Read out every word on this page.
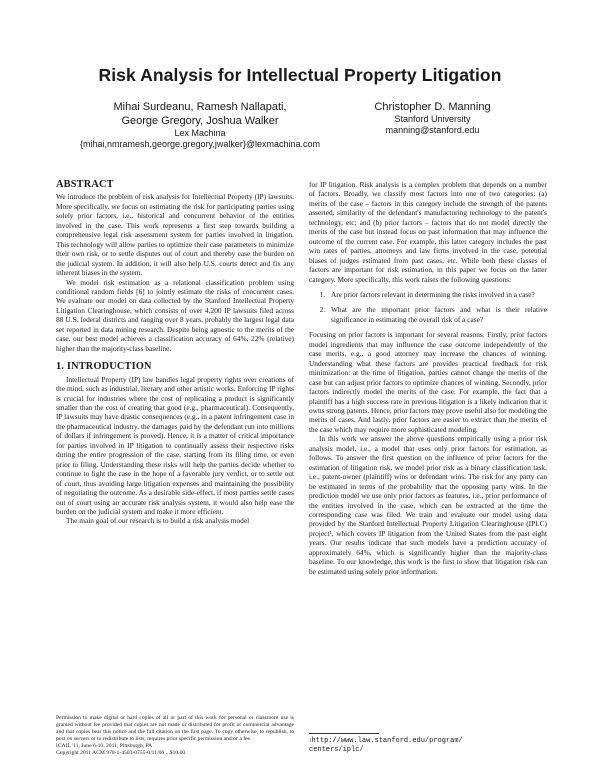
Risk Analysis for Intellectual Property Litigation
Mihai Surdeanu, Ramesh Nallapati,
George Gregory, Joshua Walker
Lex Machina
{mihai,nmramesh,george.gregory,jwalker}@lexmachina.com
Christopher D. Manning
Stanford University
manning@stanford.edu
ABSTRACT

We introduce the problem of risk analysis for Intellectual Property (IP) lawsuits. More specifically, we focus on estimating the risk for participating parties using solely prior factors, i.e., historical and concurrent behavior of the entities involved in the case. This work represents a first step towards building a comprehensive legal risk assessment system for parties involved in litigation. This technology will allow parties to optimize their case parameters to minimize their own risk, or to settle disputes out of court and thereby ease the burden on the judicial system. In addition, it will also help U.S. courts detect and fix any inherent biases in the system.

We model risk estimation as a relational classification problem using conditional random fields [6] to jointly estimate the risks of concurrent cases. We evaluate our model on data collected by the Stanford Intellectual Property Litigation Clearinghouse, which consists of over 4,200 IP lawsuits filed across 88 U.S. federal districts and ranging over 8 years, probably the largest legal data set reported in data mining research. Despite being agnostic to the merits of the case, our best model achieves a classification accuracy of 64%, 22% (relative) higher than the majority-class baseline.

1. INTRODUCTION

Intellectual Property (IP) law handles legal property rights over creations of the mind, such as industrial, literary and other artistic works. Enforcing IP rights is crucial for industries where the cost of replicating a product is significantly smaller than the cost of creating that good (e.g., pharmaceutical). Consequently, IP lawsuits may have drastic consequences (e.g., in a patent infringement case in the pharmaceutical industry, the damages paid by the defendant run into millions of dollars if infringement is proved). Hence, it is a matter of critical importance for parties involved in IP litigation to continually assess their respective risks during the entire progression of the case, starting from its filing time, or even prior to filing. Understanding these risks will help the parties decide whether to continue to fight the case in the hope of a favorable jury verdict, or to settle out of court, thus avoiding large litigation expenses and maintaining the possibility of negotiating the outcome. As a desirable side-effect, if most parties settle cases out of court using an accurate risk analysis system, it would also help ease the burden on the judicial system and make it more efficient.

The main goal of our research is to build a risk analysis model

Permission to make digital or hard copies of all or part of this work for personal or classroom use is granted without fee provided that copies are not made or distributed for profit or commercial advantage and that copies bear this notice and the full citation on the first page. To copy otherwise, to republish, to post on servers or to redistribute to lists, requires prior specific permission and/or a fee.
ICAIL '11, June 6-10, 2011, Pittsburgh, PA
Copyright 2011 ACM 978-1-4503-0755-0/11/06 ...$10.00.

for IP litigation. Risk analysis is a complex problem that depends on a number of factors. Broadly, we classify most factors into one of two categories: (a) merits of the case – factors in this category include the strength of the patents asserted, similarity of the defendant's manufacturing technology to the patent's technology, etc; and (b) prior factors – factors that do not model directly the merits of the case but instead focus on past information that may influence the outcome of the current case. For example, this latter category includes the past win rates of parties, attorneys and law firms involved in the case, potential biases of judges estimated from past cases, etc. While both these classes of factors are important for risk estimation, in this paper we focus on the latter category. More specifically, this work raises the following questions:

1. Are prior factors relevant in determining the risks involved in a case?
2. What are the important prior factors and what is their relative significance in estimating the overall risk of a case?

Focusing on prior factors is important for several reasons. Firstly, prior factors model ingredients that may influence the case outcome independently of the case merits, e.g., a good attorney may increase the chances of winning. Understanding what these factors are provides practical feedback for risk minimization: at the time of litigation, parties cannot change the merits of the case but can adjust prior factors to optimize chances of winning. Secondly, prior factors indirectly model the merits of the case. For example, the fact that a plaintiff has a high success rate in previous litigation is a likely indication that it owns strong patents. Hence, prior factors may prove useful also for modeling the merits of cases. And lastly, prior factors are easier to extract than the merits of the case which may require more sophisticated modeling.

In this work we answer the above questions empirically using a prior risk analysis model, i.e., a model that uses only prior factors for estimation, as follows. To answer the first question on the influence of prior factors for the estimation of litigation risk, we model prior risk as a binary classification task, i.e., patent-owner (plaintiff) wins or defendant wins. The risk for any party can be estimated in terms of the probability that the opposing party wins. In the prediction model we use only prior factors as features, i.e., prior performance of the entities involved in the case, which can be extracted at the time the corresponding case was filed. We train and evaluate our model using data provided by the Stanford Intellectual Property Litigation Clearinghouse (IPLC) project¹, which covers IP litigation from the United States from the past eight years. Our results indicate that such models have a prediction accuracy of approximately 64%, which is significantly higher than the majority-class baseline. To our knowledge, this work is the first to show that litigation risk can be estimated using solely prior information.

$^1$http://www.law.stanford.edu/program/
centers/iplc/
